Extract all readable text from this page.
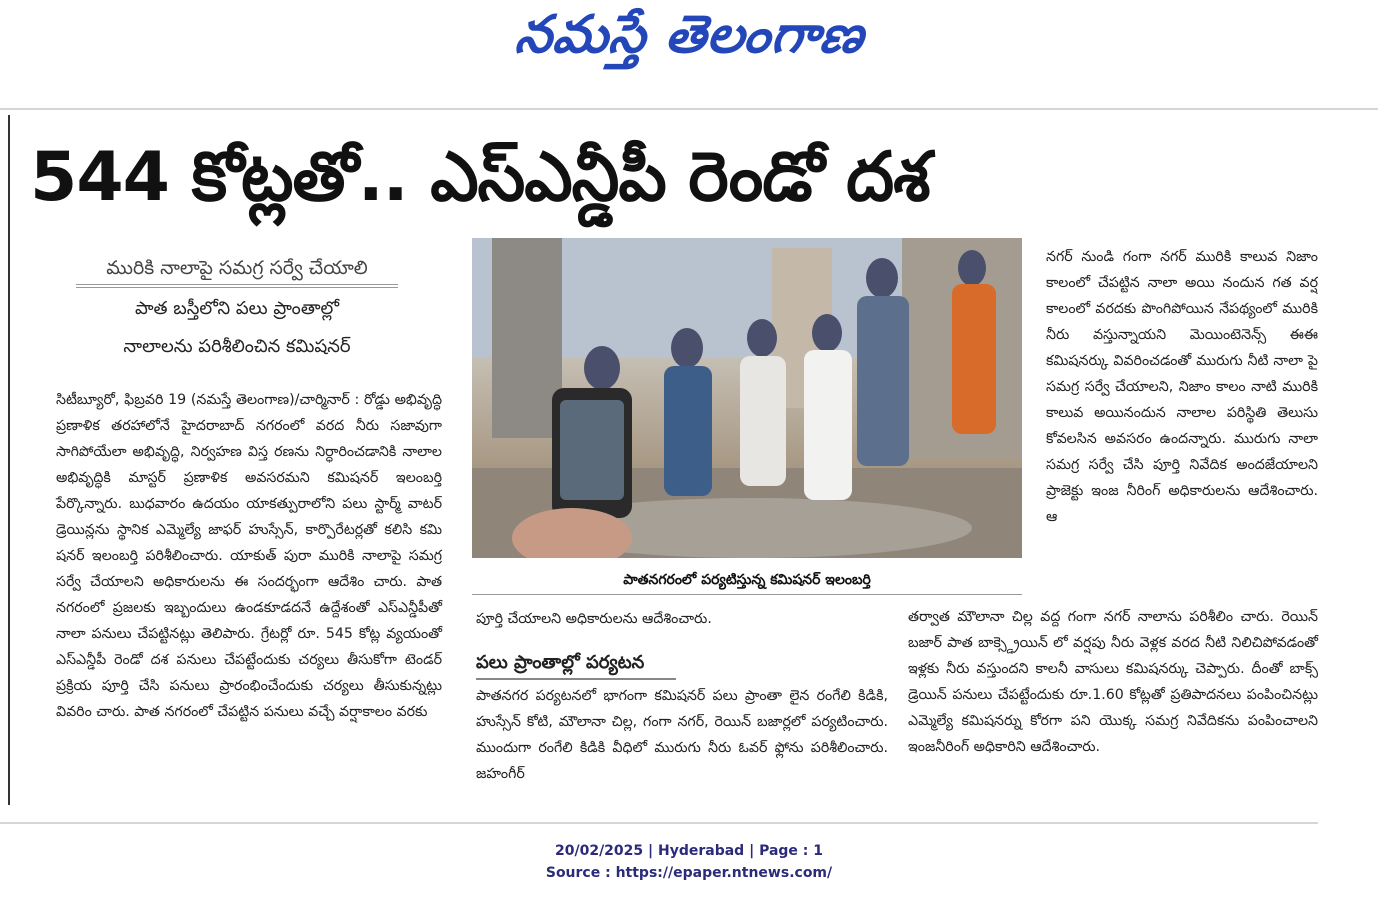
నమస్తే తెలంగాణ
544 కోట్లతో.. ఎస్ఎన్డీపీ రెండో దశ
మురికి నాలాపై సమగ్ర సర్వే చేయాలి
పాత బస్తీలోని పలు ప్రాంతాల్లో
నాలాలను పరిశీలించిన కమిషనర్

సిటీబ్యూరో, ఫిబ్రవరి 19 (నమస్తే తెలంగాణ)/చార్మినార్ : రోడ్డు అభివృద్ధి ప్రణాళిక తరహాలోనే హైదరాబాద్ నగరంలో వరద నీరు సజావుగా సాగిపోయేలా అభివృద్ధి, నిర్వహణ విస్త రణను నిర్ధారించడానికి నాలాల అభివృద్ధికి మాస్టర్ ప్రణాళిక అవసరమని కమిషనర్ ఇలంబర్తి పేర్కొన్నారు. బుధవారం ఉదయం యాకత్పురాలోని పలు స్టార్మ్ వాటర్ డ్రెయిన్లను స్థానిక ఎమ్మెల్యే జాఫర్ హుస్సేన్, కార్పొరేటర్లతో కలిసి కమి షనర్ ఇలంబర్తి పరిశీలించారు. యాకుత్ పురా మురికి నాలాపై సమగ్ర సర్వే చేయాలని అధికారులను ఈ సందర్భంగా ఆదేశిం చారు. పాత నగరంలో ప్రజలకు ఇబ్బందులు ఉండకూడదనే ఉద్దేశంతో ఎస్ఎన్డీపీతో నాలా పనులు చేపట్టినట్లు తెలిపారు. గ్రేటర్లో రూ. 545 కోట్ల వ్యయంతో ఎస్ఎన్డీపీ రెండో దశ పనులు చేపట్టేందుకు చర్యలు తీసుకోగా టెండర్ ప్రక్రియ పూర్తి చేసి పనులు ప్రారంభించేందుకు చర్యలు తీసుకున్నట్లు వివరిం చారు. పాత నగరంలో చేపట్టిన పనులు వచ్చే వర్షాకాలం వరకు

పాతనగరంలో పర్యటిస్తున్న కమిషనర్ ఇలంబర్తి

పూర్తి చేయాలని అధికారులను ఆదేశించారు.

పలు ప్రాంతాల్లో పర్యటన

పాతనగర పర్యటనలో భాగంగా కమిషనర్ పలు ప్రాంతా లైన రంగేలి కిడికి, హుస్సేన్ కోటి, మౌలానా చిల్ల, గంగా నగర్, రెయిన్ బజార్లలో పర్యటించారు. ముందుగా రంగేలి కిడికి వీధిలో మురుగు నీరు ఓవర్ ఫ్లోను పరిశీలించారు. జహంగీర్

నగర్ నుండి గంగా నగర్ మురికి కాలువ నిజాం కాలంలో చేపట్టిన నాలా అయి నందున గత వర్ష కాలంలో వరదకు పొంగిపోయిన నేపథ్యంలో మురికి నీరు వస్తున్నాయని మెయింటెనెన్స్ ఈఈ కమిషనర్కు వివరించడంతో మురుగు నీటి నాలా పై సమగ్ర సర్వే చేయాలని, నిజాం కాలం నాటి మురికి కాలువ అయినందున నాలాల పరిస్థితి తెలుసు కోవలసిన అవసరం ఉందన్నారు. మురుగు నాలా సమగ్ర సర్వే చేసి పూర్తి నివేదిక అందజేయాలని ప్రాజెక్టు ఇంజ నీరింగ్ అధికారులను ఆదేశించారు. ఆ

తర్వాత మౌలానా చిల్ల వద్ద గంగా నగర్ నాలాను పరిశీలిం చారు. రెయిన్ బజార్ పాత బాక్స్డ్రెయిన్ లో వర్షపు నీరు వెళ్లక వరద నీటి నిలిచిపోవడంతో ఇళ్లకు నీరు వస్తుందని కాలనీ వాసులు కమిషనర్కు చెప్పారు. దీంతో బాక్స్ డ్రెయిన్ పనులు చేపట్టేందుకు రూ.1.60 కోట్లతో ప్రతిపాదనలు పంపించినట్లు ఎమ్మెల్యే కమిషనర్ను కోరగా పని యొక్క సమగ్ర నివేదికను పంపించాలని ఇంజనీరింగ్ అధికారిని ఆదేశించారు.

20/02/2025 | Hyderabad | Page : 1
Source : https://epaper.ntnews.com/
